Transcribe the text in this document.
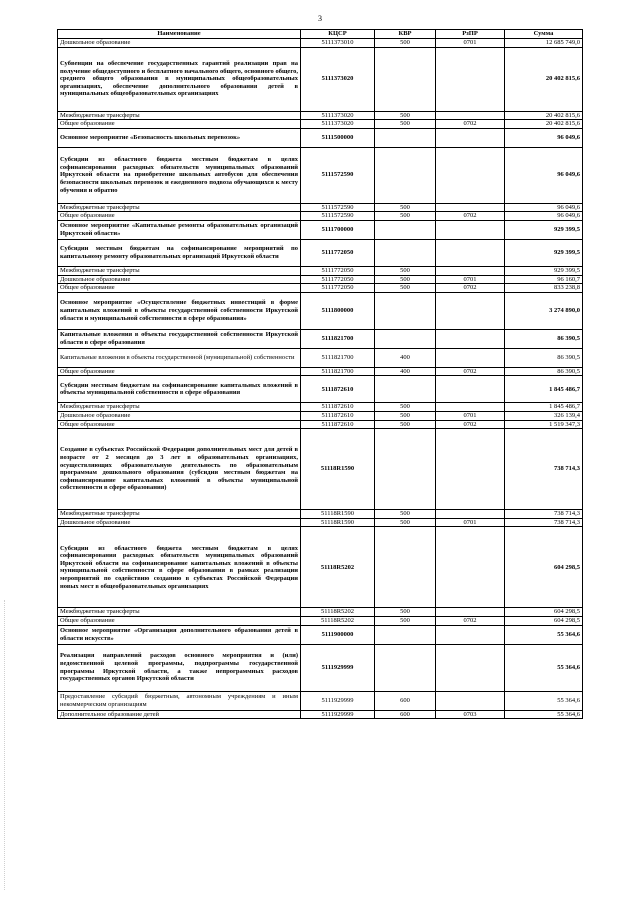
3
Наименование	КЦСР	КВР	РзПР	Сумма
Дошкольное образование	5111373010	500	0701	12 685 749,0
Субвенции на обеспечение государственных гарантий реализации прав на получение общедоступного и бесплатного начального общего, основного общего, среднего общего образования в муниципальных общеобразовательных организациях, обеспечение дополнительного образования детей в муниципальных общеобразовательных организациях	5111373020			20 402 815,6
Межбюджетные трансферты	5111373020	500		20 402 815,6
Общее образование	5111373020	500	0702	20 402 815,6
Основное мероприятие «Безопасность школьных перевозок»	5111500000			96 049,6
Субсидии из областного бюджета местным бюджетам в целях софинансирования расходных обязательств муниципальных образований Иркутской области на приобретение школьных автобусов для обеспечения безопасности школьных перевозок и ежедневного подвоза обучающихся к месту обучения и обратно	5111572590			96 049,6
Межбюджетные трансферты	5111572590	500		96 049,6
Общее образование	5111572590	500	0702	96 049,6
Основное мероприятие «Капитальные ремонты образовательных организаций Иркутской области»	5111700000			929 399,5
Субсидии местным бюджетам на софинансирование мероприятий по капитальному ремонту образовательных организаций Иркутской области	5111772050			929 399,5
Межбюджетные трансферты	5111772050	500		929 399,5
Дошкольное образование	5111772050	500	0701	96 160,7
Общее образование	5111772050	500	0702	833 238,8
Основное мероприятие «Осуществление бюджетных инвестиций в форме капитальных вложений в объекты государственной собственности Иркутской области и муниципальной собственности в сфере образования»	5111800000			3 274 890,0
Капитальные вложения в объекты государственной собственности Иркутской области в сфере образования	5111821700			86 390,5
Капитальные вложения в объекты государственной (муниципальной) собственности	5111821700	400		86 390,5
Общее образование	5111821700	400	0702	86 390,5
Субсидии местным бюджетам на софинансирование капитальных вложений в объекты муниципальной собственности в сфере образования	5111872610			1 845 486,7
Межбюджетные трансферты	5111872610	500		1 845 486,7
Дошкольное образование	5111872610	500	0701	326 139,4
Общее образование	5111872610	500	0702	1 519 347,3
Создание в субъектах Российской Федерации дополнительных мест для детей в возрасте от 2 месяцев до 3 лет в образовательных организациях, осуществляющих образовательную деятельность по образовательным программам дошкольного образования (субсидии местным бюджетам на софинансирование капитальных вложений в объекты муниципальной собственности в сфере образования)	51118R1590			738 714,3
Межбюджетные трансферты	51118R1590	500		738 714,3
Дошкольное образование	51118R1590	500	0701	738 714,3
Субсидии из областного бюджета местным бюджетам в целях софинансирования расходных обязательств муниципальных образований Иркутской области на софинансирование капитальных вложений в объекты муниципальной собственности в сфере образования в рамках реализации мероприятий по содействию созданию в субъектах Российской Федерации новых мест в общеобразовательных организациях	51118R5202			604 298,5
Межбюджетные трансферты	51118R5202	500		604 298,5
Общее образование	51118R5202	500	0702	604 298,5
Основное мероприятие «Организация дополнительного образования детей в области искусств»	5111900000			55 364,6
Реализация направлений расходов основного мероприятия и (или) ведомственной целевой программы, подпрограммы государственной программы Иркутской области, а также непрограммных расходов государственных органов Иркутской области	5111929999			55 364,6
Предоставление субсидий бюджетным, автономным учреждениям и иным некоммерческим организациям	5111929999	600		55 364,6
Дополнительное образование детей	5111929999	600	0703	55 364,6
